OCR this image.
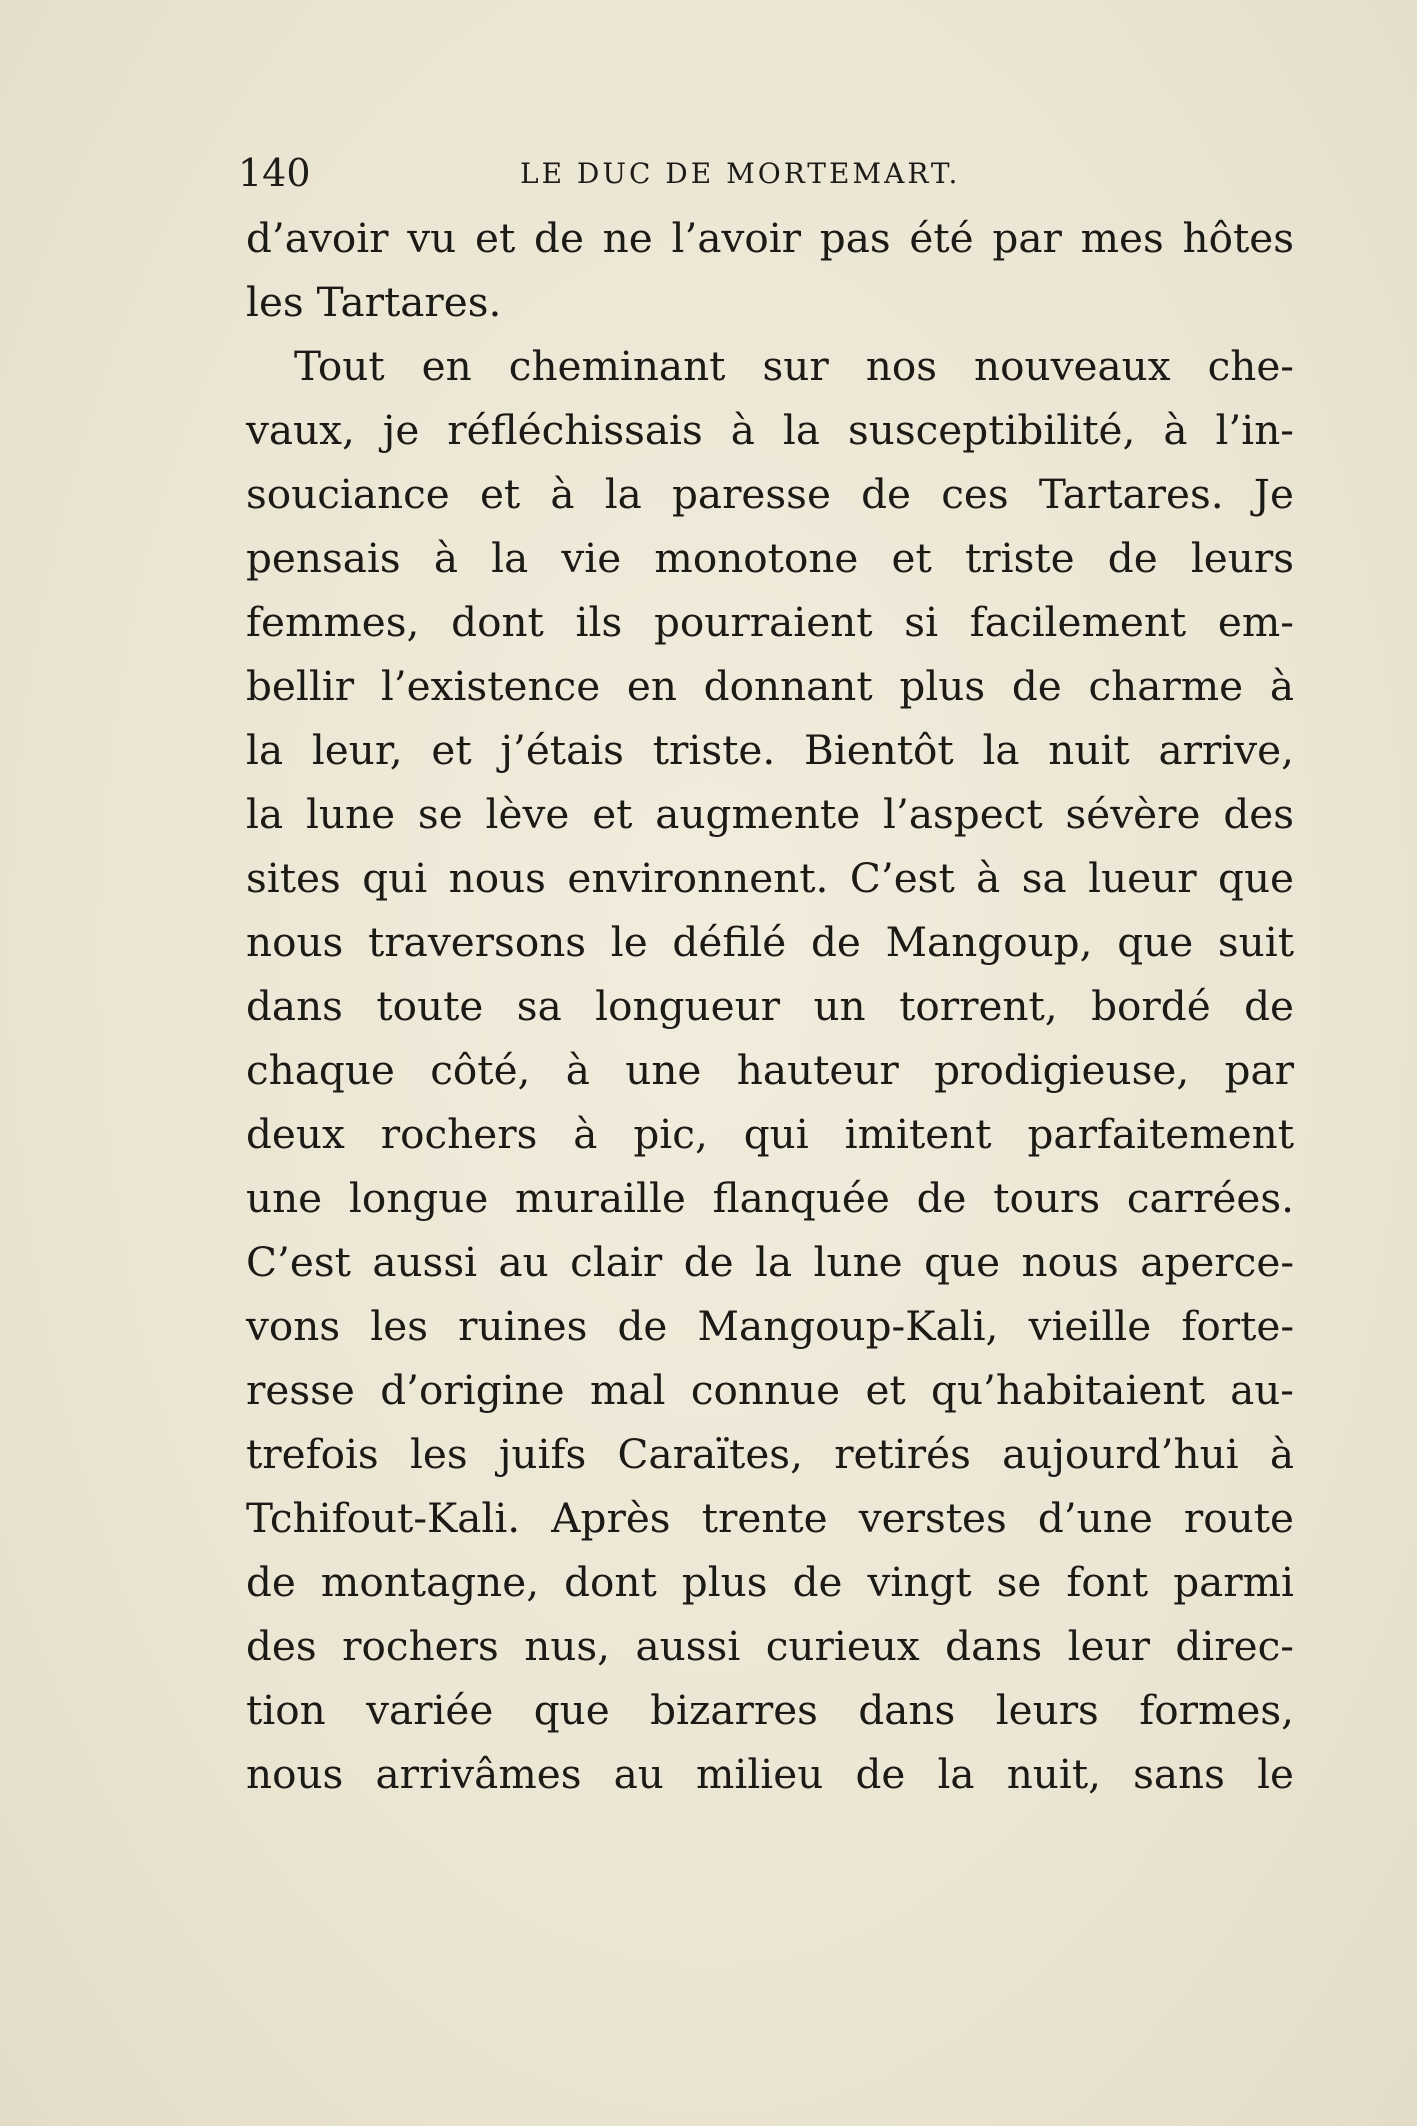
140	LE DUC DE MORTEMART.
d’avoir vu et de ne l’avoir pas été par mes hôtes
les Tartares.
Tout en cheminant sur nos nouveaux che-
vaux, je réfléchissais à la susceptibilité, à l’in-
souciance et à la paresse de ces Tartares. Je
pensais à la vie monotone et triste de leurs
femmes, dont ils pourraient si facilement em-
bellir l’existence en donnant plus de charme à
la leur, et j’étais triste. Bientôt la nuit arrive,
la lune se lève et augmente l’aspect sévère des
sites qui nous environnent. C’est à sa lueur que
nous traversons le défilé de Mangoup, que suit
dans toute sa longueur un torrent, bordé de
chaque côté, à une hauteur prodigieuse, par
deux rochers à pic, qui imitent parfaitement
une longue muraille flanquée de tours carrées.
C’est aussi au clair de la lune que nous aperce-
vons les ruines de Mangoup-Kali, vieille forte-
resse d’origine mal connue et qu’habitaient au-
trefois les juifs Caraïtes, retirés aujourd’hui à
Tchifout-Kali. Après trente verstes d’une route
de montagne, dont plus de vingt se font parmi
des rochers nus, aussi curieux dans leur direc-
tion variée que bizarres dans leurs formes,
nous arrivâmes au milieu de la nuit, sans le
